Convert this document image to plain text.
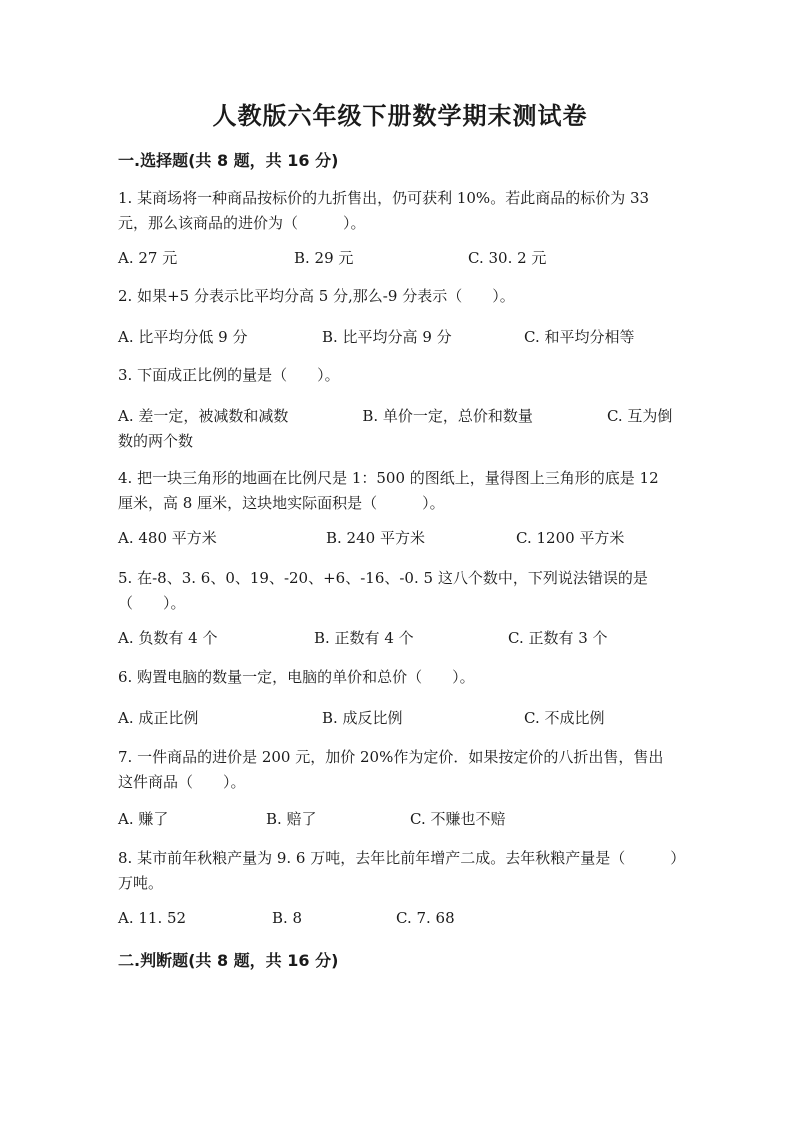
人教版六年级下册数学期末测试卷
一.选择题(共 8 题，共 16 分)
1. 某商场将一种商品按标价的九折售出，仍可获利 10%。若此商品的标价为 33 元，那么该商品的进价为（　　　）。
A. 27 元	B. 29 元	C. 30. 2 元
2. 如果+5 分表示比平均分高 5 分,那么-9 分表示（　　）。
A. 比平均分低 9 分	B. 比平均分高 9 分	C. 和平均分相等
3. 下面成正比例的量是（　　）。
A. 差一定，被减数和减数	B. 单价一定，总价和数量	C. 互为倒数的两个数
4. 把一块三角形的地画在比例尺是 1：500 的图纸上，量得图上三角形的底是 12 厘米，高 8 厘米，这块地实际面积是（　　　）。
A. 480 平方米	B. 240 平方米	C. 1200 平方米
5. 在-8、3. 6、0、19、-20、+6、-16、-0. 5 这八个数中，下列说法错误的是（　　）。
A. 负数有 4 个	B. 正数有 4 个	C. 正数有 3 个
6. 购置电脑的数量一定，电脑的单价和总价（　　）。
A. 成正比例	B. 成反比例	C. 不成比例
7. 一件商品的进价是 200 元，加价 20%作为定价．如果按定价的八折出售，售出这件商品（　　）。
A. 赚了	B. 赔了	C. 不赚也不赔
8. 某市前年秋粮产量为 9. 6 万吨，去年比前年增产二成。去年秋粮产量是（　　　）万吨。
A. 11. 52	B. 8	C. 7. 68
二.判断题(共 8 题，共 16 分)
